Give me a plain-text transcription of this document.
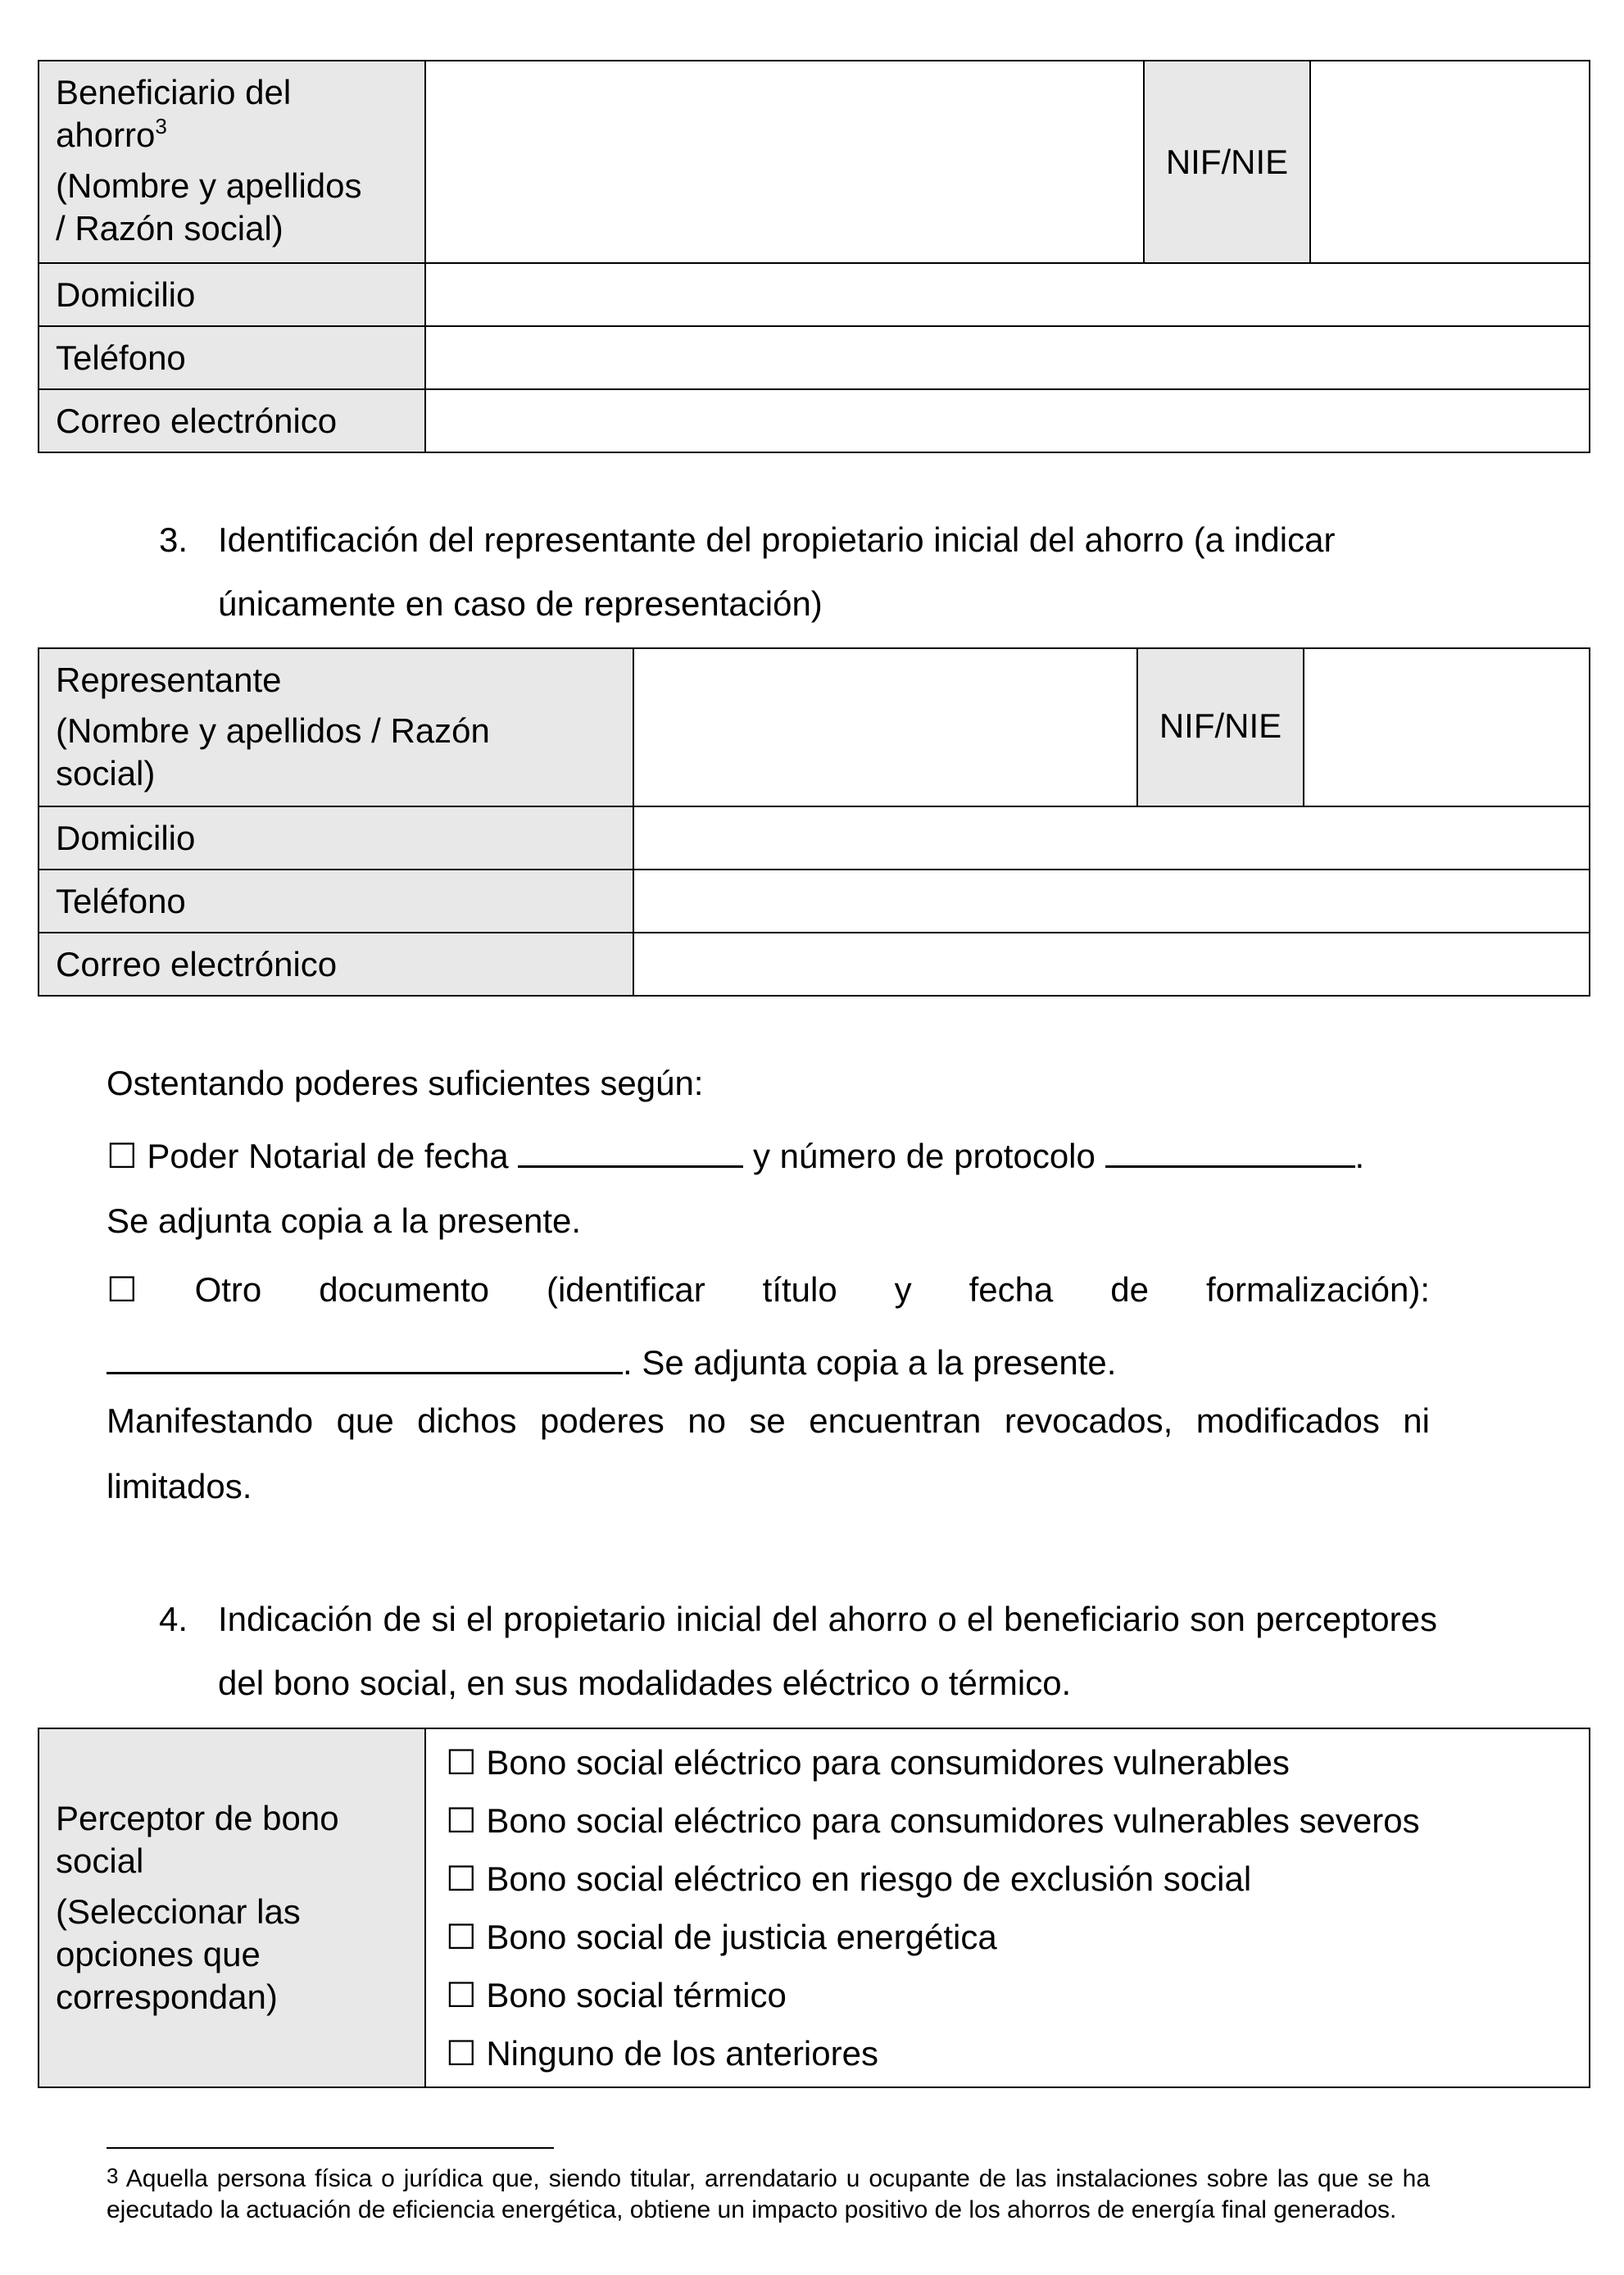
Beneficiario del
ahorro$^3$
(Nombre y apellidos
/ Razón social)		NIF/NIE	
Domicilio			
Teléfono			
Correo electrónico			
3. Identificación del representante del propietario inicial del ahorro (a indicar únicamente en caso de representación)
Representante
(Nombre y apellidos / Razón
social)		NIF/NIE	
Domicilio			
Teléfono			
Correo electrónico			
Ostentando poderes suficientes según:
☐ Poder Notarial de fecha	y número de protocolo	.
Se adjunta copia a la presente.
☐ Otro documento (identificar título y fecha de formalización):
. Se adjunta copia a la presente.
Manifestando que dichos poderes no se encuentran revocados, modificados ni limitados.
4. Indicación de si el propietario inicial del ahorro o el beneficiario son perceptores del bono social, en sus modalidades eléctrico o térmico.
Perceptor de bono
social
(Seleccionar las
opciones que
correspondan)	
☐ Bono social eléctrico para consumidores vulnerables
☐ Bono social eléctrico para consumidores vulnerables severos
☐ Bono social eléctrico en riesgo de exclusión social
☐ Bono social de justicia energética
☐ Bono social térmico
☐ Ninguno de los anteriores
3 Aquella persona física o jurídica que, siendo titular, arrendatario u ocupante de las instalaciones sobre las que se ha ejecutado la actuación de eficiencia energética, obtiene un impacto positivo de los ahorros de energía final generados.
